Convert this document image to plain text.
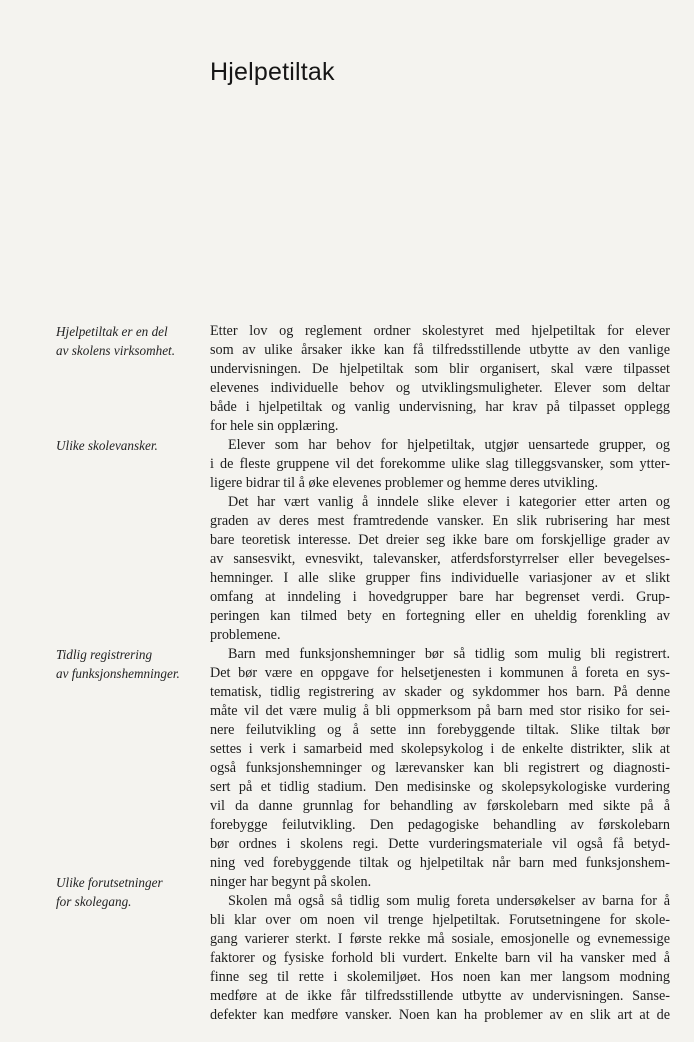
Hjelpetiltak
Hjelpetiltak er en del
av skolens virksomhet.
Ulike skolevansker.
Tidlig registrering
av funksjonshemninger.
Ulike forutsetninger
for skolegang.
Etter lov og reglement ordner skolestyret med hjelpetiltak for elever
som av ulike årsaker ikke kan få tilfredsstillende utbytte av den vanlige
undervisningen. De hjelpetiltak som blir organisert, skal være tilpasset
elevenes individuelle behov og utviklingsmuligheter. Elever som deltar
både i hjelpetiltak og vanlig undervisning, har krav på tilpasset opplegg
for hele sin opplæring.
Elever som har behov for hjelpetiltak, utgjør uensartede grupper, og
i de fleste gruppene vil det forekomme ulike slag tilleggsvansker, som ytter-
ligere bidrar til å øke elevenes problemer og hemme deres utvikling.
Det har vært vanlig å inndele slike elever i kategorier etter arten og
graden av deres mest framtredende vansker. En slik rubrisering har mest
bare teoretisk interesse. Det dreier seg ikke bare om forskjellige grader av
av sansesvikt, evnesvikt, talevansker, atferdsforstyrrelser eller bevegelses-
hemninger. I alle slike grupper fins individuelle variasjoner av et slikt
omfang at inndeling i hovedgrupper bare har begrenset verdi. Grup-
peringen kan tilmed bety en fortegning eller en uheldig forenkling av
problemene.
Barn med funksjonshemninger bør så tidlig som mulig bli registrert.
Det bør være en oppgave for helsetjenesten i kommunen å foreta en sys-
tematisk, tidlig registrering av skader og sykdommer hos barn. På denne
måte vil det være mulig å bli oppmerksom på barn med stor risiko for sei-
nere feilutvikling og å sette inn forebyggende tiltak. Slike tiltak bør
settes i verk i samarbeid med skolepsykolog i de enkelte distrikter, slik at
også funksjonshemninger og lærevansker kan bli registrert og diagnosti-
sert på et tidlig stadium. Den medisinske og skolepsykologiske vurdering
vil da danne grunnlag for behandling av førskolebarn med sikte på å
forebygge feilutvikling. Den pedagogiske behandling av førskolebarn
bør ordnes i skolens regi. Dette vurderingsmateriale vil også få betyd-
ning ved forebyggende tiltak og hjelpetiltak når barn med funksjonshem-
ninger har begynt på skolen.
Skolen må også så tidlig som mulig foreta undersøkelser av barna for å
bli klar over om noen vil trenge hjelpetiltak. Forutsetningene for skole-
gang varierer sterkt. I første rekke må sosiale, emosjonelle og evnemessige
faktorer og fysiske forhold bli vurdert. Enkelte barn vil ha vansker med å
finne seg til rette i skolemiljøet. Hos noen kan mer langsom modning
medføre at de ikke får tilfredsstillende utbytte av undervisningen. Sanse-
defekter kan medføre vansker. Noen kan ha problemer av en slik art at de
